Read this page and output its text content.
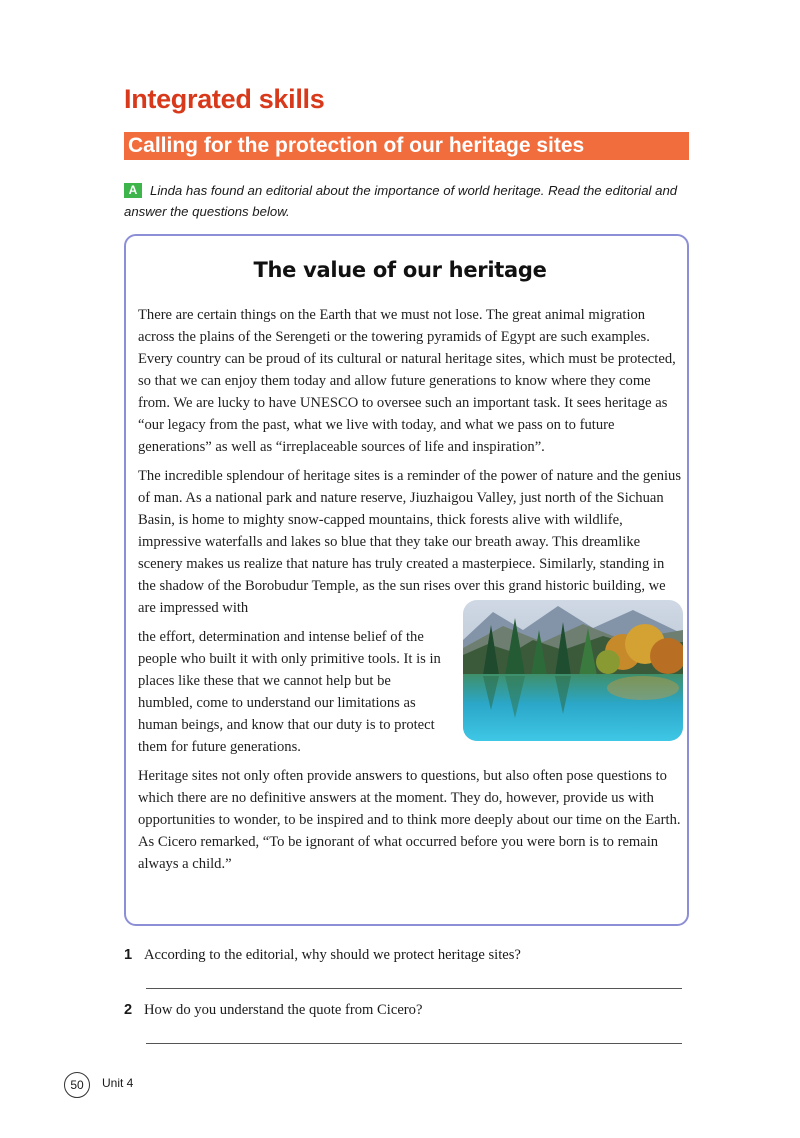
Integrated skills
Calling for the protection of our heritage sites
A Linda has found an editorial about the importance of world heritage. Read the editorial and answer the questions below.
The value of our heritage

There are certain things on the Earth that we must not lose. The great animal migration across the plains of the Serengeti or the towering pyramids of Egypt are such examples. Every country can be proud of its cultural or natural heritage sites, which must be protected, so that we can enjoy them today and allow future generations to know where they come from. We are lucky to have UNESCO to oversee such an important task. It sees heritage as “our legacy from the past, what we live with today, and what we pass on to future generations” as well as “irreplaceable sources of life and inspiration”.

The incredible splendour of heritage sites is a reminder of the power of nature and the genius of man. As a national park and nature reserve, Jiuzhaigou Valley, just north of the Sichuan Basin, is home to mighty snow-capped mountains, thick forests alive with wildlife, impressive waterfalls and lakes so blue that they take our breath away. This dreamlike scenery makes us realize that nature has truly created a masterpiece. Similarly, standing in the shadow of the Borobudur Temple, as the sun rises over this grand historic building, we are impressed with

the effort, determination and intense belief of the people who built it with only primitive tools. It is in places like these that we cannot help but be humbled, come to understand our limitations as human beings, and know that our duty is to protect them for future generations.

Heritage sites not only often provide answers to questions, but also often pose questions to which there are no definitive answers at the moment. They do, however, provide us with opportunities to wonder, to be inspired and to think more deeply about our time on the Earth. As Cicero remarked, “To be ignorant of what occurred before you were born is to remain always a child.”

1 According to the editorial, why should we protect heritage sites?
2 How do you understand the quote from Cicero?
50	Unit 4
